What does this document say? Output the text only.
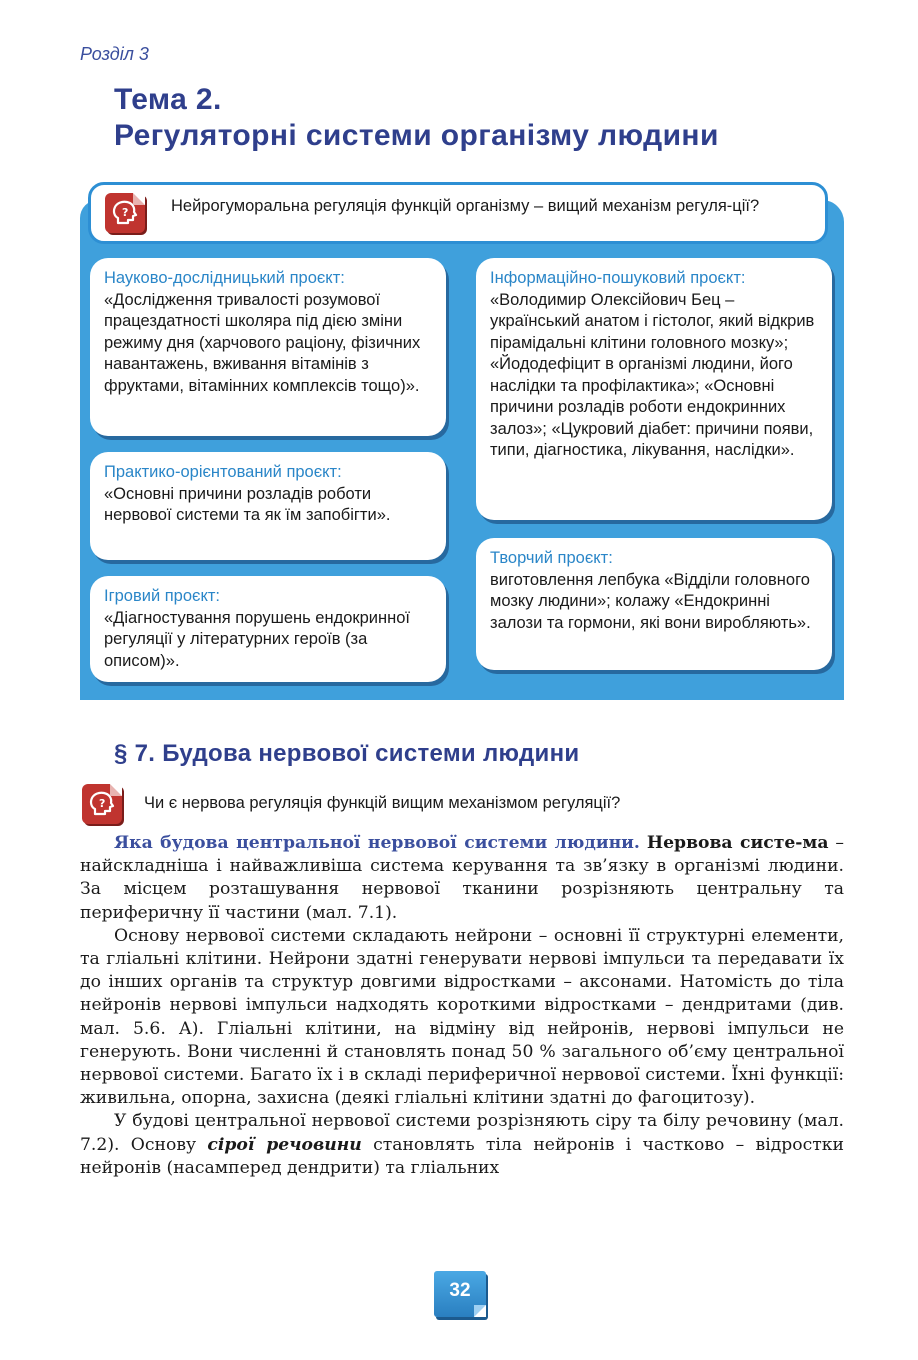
Розділ 3
Тема 2.
Регуляторні системи організму людини
?	Нейрогуморальна регуляція функцій організму – вищий механізм регуля-ції?
Науково-дослідницький проєкт:
«Дослідження тривалості розумової працездатності школяра під дією зміни режиму дня (харчового раціону, фізичних навантажень, вживання вітамінів з фруктами, вітамінних комплексів тощо)».
Практико-орієнтований проєкт:
«Основні причини розладів роботи нервової системи та як їм запобігти».
Ігровий проєкт:
«Діагностування порушень ендокринної регуляції у літературних героїв (за описом)».
Інформаційно-пошуковий проєкт:
«Володимир Олексійович Бец – український анатом і гістолог, який відкрив пірамідальні клітини головного мозку»; «Йододефіцит в організмі людини, його наслідки та профілактика»; «Основні причини розладів роботи ендокринних залоз»; «Цукровий діабет: причини появи, типи, діагностика, лікування, наслідки».
Творчий проєкт:
виготовлення лепбука «Відділи головного мозку людини»; колажу «Ендокринні залози та гормони, які вони виробляють».
§ 7. Будова нервової системи людини
? Чи є нервова регуляція функцій вищим механізмом регуляції?

Яка будова центральної нервової системи людини. Нервова систе-ма – найскладніша і найважливіша система керування та зв’язку в організмі людини. За місцем розташування нервової тканини розрізняють центральну та периферичну її частини (мал. 7.1).

Основу нервової системи складають нейрони – основні її структурні елементи, та гліальні клітини. Нейрони здатні генерувати нервові імпульси та передавати їх до інших органів та структур довгими відростками – аксонами. Натомість до тіла нейронів нервові імпульси надходять короткими відростками – дендритами (див. мал. 5.6. А). Гліальні клітини, на відміну від нейронів, нервові імпульси не генерують. Вони численні й становлять понад 50 % загального об’єму центральної нервової системи. Багато їх і в складі периферичної нервової системи. Їхні функції: живильна, опорна, захисна (деякі гліальні клітини здатні до фагоцитозу).

У будові центральної нервової системи розрізняють сіру та білу речовину (мал. 7.2). Основу сірої речовини становлять тіла нейронів і частково – відростки нейронів (насамперед дендрити) та гліальних

32
